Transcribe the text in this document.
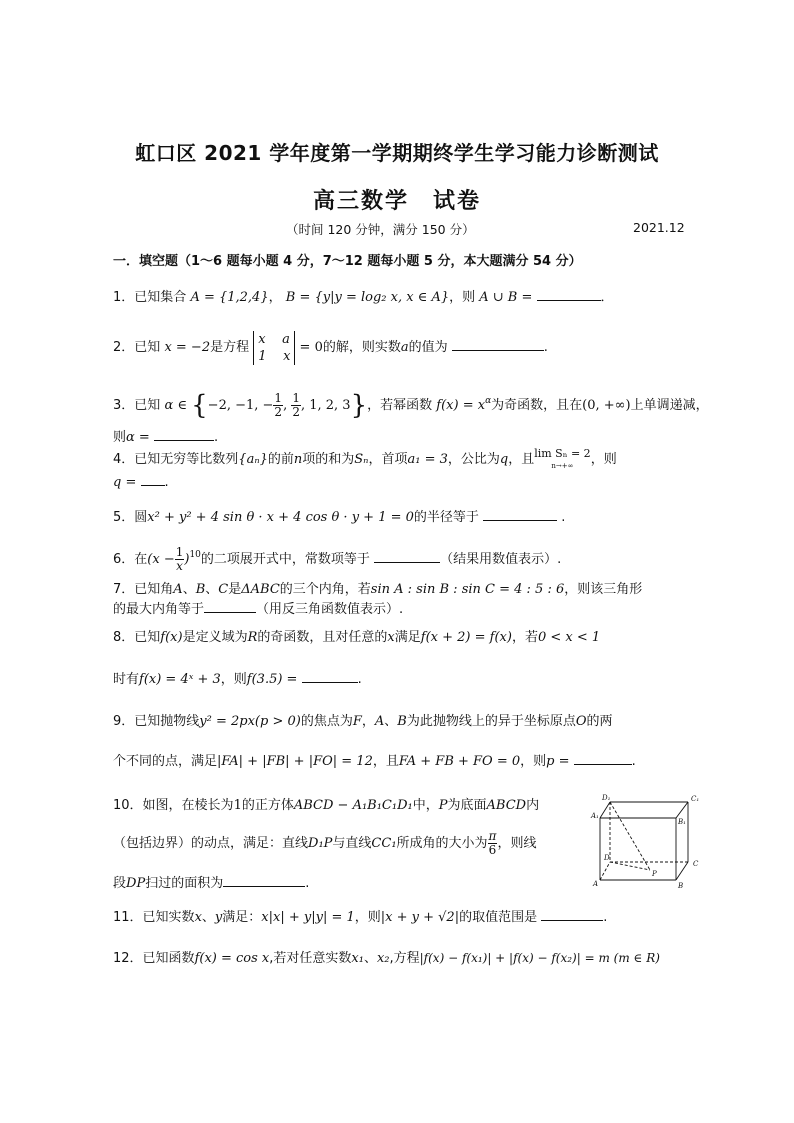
虹口区 2021 学年度第一学期期终学生学习能力诊断测试
高三数学　试卷
（时间 120 分钟，满分 150 分）	2021.12
一．填空题（1～6 题每小题 4 分，7～12 题每小题 5 分，本大题满分 54 分）
1．已知集合 A = {1,2,4}， B = {y|y = log₂ x, x ∈ A}，则 A ∪ B =	．
2．已知 x = −2是方程 x a
1 x = 0的解，则实数a的值为	.
3．已知 α ∈ {−2, −1, − $\frac{1}{2}$ , $\frac{1}{2}$ , 1, 2, 3}，若幂函数 $f(x) = x^\alpha$为奇函数，且在(0, +∞)上单调递减，
则α =	.
4．已知无穷等比数列{aₙ}的前n项的和为Sₙ，首项a₁ = 3，公比为q，且lim Sₙ = 2
n→+∞ ，则
q = .
5．圆x² + y² + 4 sin θ · x + 4 cos θ · y + 1 = 0的半径等于	.
6．在$(x - \frac{1}{x} )^{10}$的二项展开式中，常数项等于	（结果用数值表示）.
7．已知角A、B、C是ΔABC的三个内角，若sin A : sin B : sin C = 4 : 5 : 6，则该三角形
的最大内角等于	（用反三角函数值表示）.
8．已知f(x)是定义域为R的奇函数，且对任意的x满足f(x + 2) = f(x)，若0 < x < 1
时有f(x) = 4ˣ + 3，则f(3.5) =	.
9．已知抛物线y² = 2px(p > 0)的焦点为F，A、B为此抛物线上的异于坐标原点O的两
个不同的点，满足|FA| + |FB| + |FO| = 12，且FA + FB + FO = 0，则p =	.
10．如图，在棱长为1的正方体ABCD − A₁B₁C₁D₁中，P为底面ABCD内
（包括边界）的动点，满足：直线D₁P与直线CC₁所成角的大小为 $\frac{\pi}{6}$ ，则线
段DP扫过的面积为	.
D₁	C₁
A₁
B₁
D
C
A	B
P
11．已知实数x、y满足：x|x| + y|y| = 1，则|x + y + √2|的取值范围是	.
12．已知函数f(x) = cos x,若对任意实数x₁、x₂,方程|f(x) − f(x₁)| + |f(x) − f(x₂)| = m (m ∈ R)
